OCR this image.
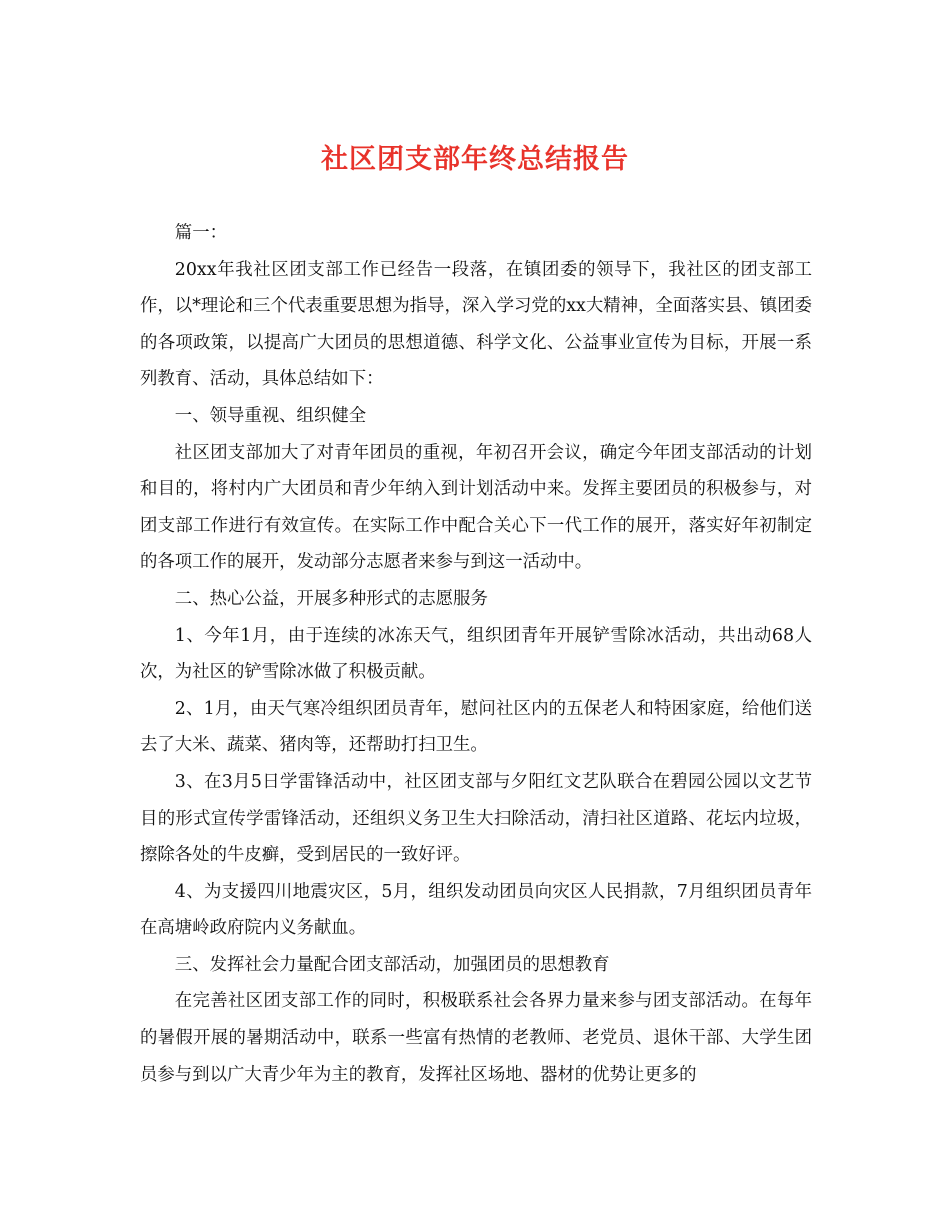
社区团支部年终总结报告

篇一：

20xx年我社区团支部工作已经告一段落，在镇团委的领导下，我社区的团支部工作，以*理论和三个代表重要思想为指导，深入学习党的xx大精神，全面落实县、镇团委的各项政策，以提高广大团员的思想道德、科学文化、公益事业宣传为目标，开展一系列教育、活动，具体总结如下：

一、领导重视、组织健全

社区团支部加大了对青年团员的重视，年初召开会议，确定今年团支部活动的计划和目的，将村内广大团员和青少年纳入到计划活动中来。发挥主要团员的积极参与，对团支部工作进行有效宣传。在实际工作中配合关心下一代工作的展开，落实好年初制定的各项工作的展开，发动部分志愿者来参与到这一活动中。

二、热心公益，开展多种形式的志愿服务

1、今年1月，由于连续的冰冻天气，组织团青年开展铲雪除冰活动，共出动68人次，为社区的铲雪除冰做了积极贡献。

2、1月，由天气寒冷组织团员青年，慰问社区内的五保老人和特困家庭，给他们送去了大米、蔬菜、猪肉等，还帮助打扫卫生。

3、在3月5日学雷锋活动中，社区团支部与夕阳红文艺队联合在碧园公园以文艺节目的形式宣传学雷锋活动，还组织义务卫生大扫除活动，清扫社区道路、花坛内垃圾，擦除各处的牛皮癣，受到居民的一致好评。

4、为支援四川地震灾区，5月，组织发动团员向灾区人民捐款，7月组织团员青年在高塘岭政府院内义务献血。

三、发挥社会力量配合团支部活动，加强团员的思想教育

在完善社区团支部工作的同时，积极联系社会各界力量来参与团支部活动。在每年的暑假开展的暑期活动中，联系一些富有热情的老教师、老党员、退休干部、大学生团员参与到以广大青少年为主的教育，发挥社区场地、器材的优势让更多的
